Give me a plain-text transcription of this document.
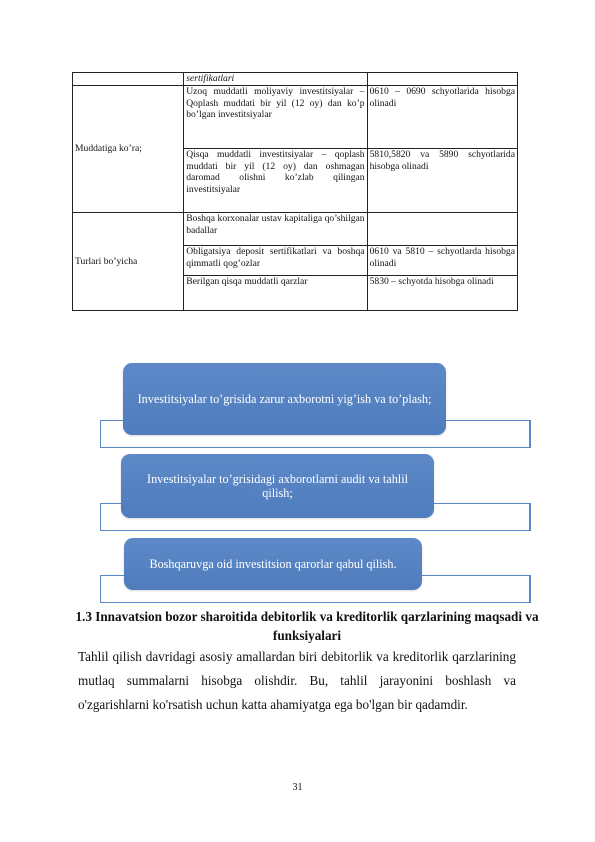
	sertifikatlari	
Muddatiga ko’ra;	Uzoq muddatli moliyaviy investitsiyalar – Qoplash muddati bir yil (12 oy) dan ko’p bo’lgan investitsiyalar	0610 – 0690 schyotlarida hisobga olinadi
	Qisqa muddatli investitsiyalar – qoplash muddati bir yil (12 oy) dan oshmagan daromad olishni ko’zlab qilingan investitsiyalar	5810,5820 va 5890 schyotlarida hisobga olinadi
Turlari bo’yicha	Boshqa korxonalar ustav kapitaliga qo’shilgan badallar	
	Obligatsiya deposit sertifikatlari va boshqa qimmatli qog’ozlar	0610 va 5810 – schyotlarda hisobga olinadi
	Berilgan qisqa muddatli qarzlar	5830 – schyotda hisobga olinadi
Investitsiyalar to’grisida zarur axborotni yig’ish va to’plash;
Investitsiyalar to’grisidagi axborotlarni audit va tahlil qilish;
Boshqaruvga oid investitsion qarorlar qabul qilish.
1.3 Innavatsion bozor sharoitida debitorlik va kreditorlik qarzlarining maqsadi va funksiyalari
Tahlil qilish davridagi asosiy amallardan biri debitorlik va kreditorlik qarzlarining mutlaq summalarni hisobga olishdir. Bu, tahlil jarayonini boshlash va o'zgarishlarni ko'rsatish uchun katta ahamiyatga ega bo'lgan bir qadamdir.
31
